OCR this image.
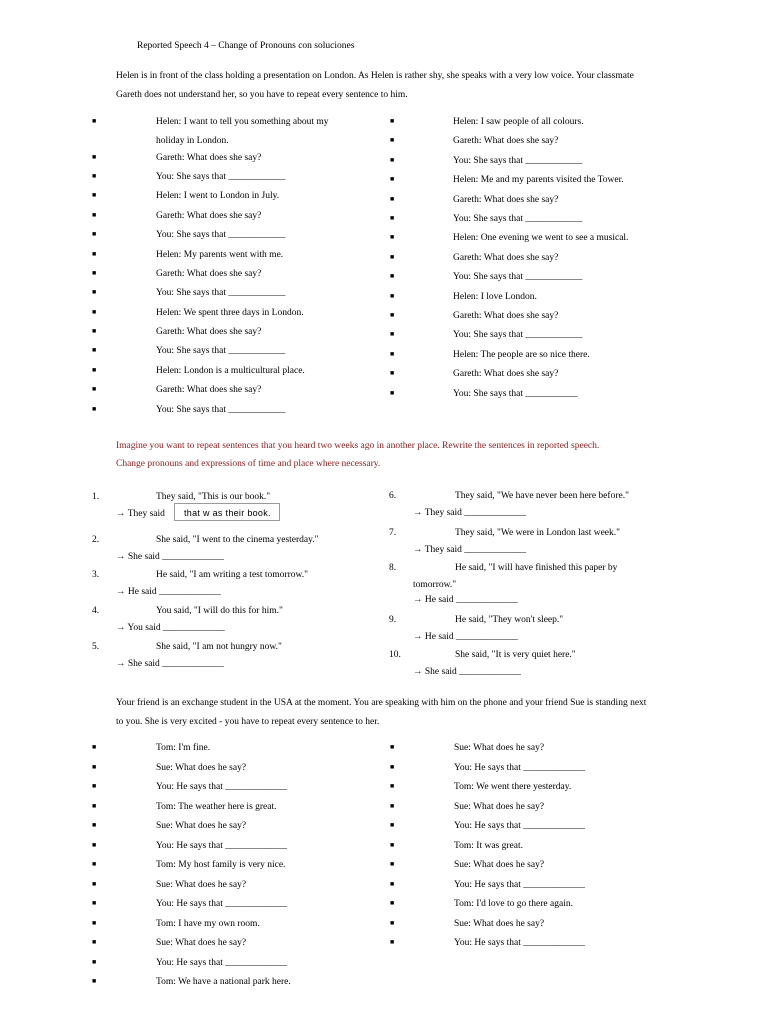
Reported Speech 4 – Change of Pronouns con soluciones
Helen is in front of the class holding a presentation on London. As Helen is rather shy, she speaks with a very low voice. Your classmate Gareth does not understand her, so you have to repeat every sentence to him.
■	Helen: I want to tell you something about my
holiday in London.
■	Gareth: What does she say?
■	You: She says that ____________
■	Helen: I went to London in July.
■	Gareth: What does she say?
■	You: She says that ____________
■	Helen: My parents went with me.
■	Gareth: What does she say?
■	You: She says that ____________
■	Helen: We spent three days in London.
■	Gareth: What does she say?
■	You: She says that ____________
■	Helen: London is a multicultural place.
■	Gareth: What does she say?
■	You: She says that ____________
■	Helen: I saw people of all colours.
■	Gareth: What does she say?
■	You: She says that ____________
■	Helen: Me and my parents visited the Tower.
■	Gareth: What does she say?
■	You: She says that ____________
■	Helen: One evening we went to see a musical.
■	Gareth: What does she say?
■	You: She says that ____________
■	Helen: I love London.
■	Gareth: What does she say?
■	You: She says that ____________
■	Helen: The people are so nice there.
■	Gareth: What does she say?
■	You: She says that ___________
Imagine you want to repeat sentences that you heard two weeks ago in another place. Rewrite the sentences in reported speech.
Change pronouns and expressions of time and place where necessary.
1.	They said, "This is our book."
→ They said
2.	She said, "I went to the cinema yesterday."
→ She said _____________
3.	He said, "I am writing a test tomorrow."
→ He said _____________
4.	You said, "I will do this for him."
→ You said _____________
5.	She said, "I am not hungry now."
→ She said _____________
6.	They said, "We have never been here before."
→ They said _____________
7.	They said, "We were in London last week."
→ They said _____________
8.	He said, "I will have finished this paper by
tomorrow."
→ He said _____________
9.	He said, "They won't sleep."
→ He said _____________
10.	She said, "It is very quiet here."
→ She said _____________
that w as their book.
Your friend is an exchange student in the USA at the moment. You are speaking with him on the phone and your friend Sue is standing next to you. She is very excited - you have to repeat every sentence to her.
■	Tom: I'm fine.
■	Sue: What does he say?
■	You: He says that _____________
■	Tom: The weather here is great.
■	Sue: What does he say?
■	You: He says that _____________
■	Tom: My host family is very nice.
■	Sue: What does he say?
■	You: He says that _____________
■	Tom: I have my own room.
■	Sue: What does he say?
■	You: He says that _____________
■	Tom: We have a national park here.
■	Sue: What does he say?
■	You: He says that _____________
■	Tom: We went there yesterday.
■	Sue: What does he say?
■	You: He says that _____________
■	Tom: It was great.
■	Sue: What does he say?
■	You: He says that _____________
■	Tom: I'd love to go there again.
■	Sue: What does he say?
■	You: He says that _____________
